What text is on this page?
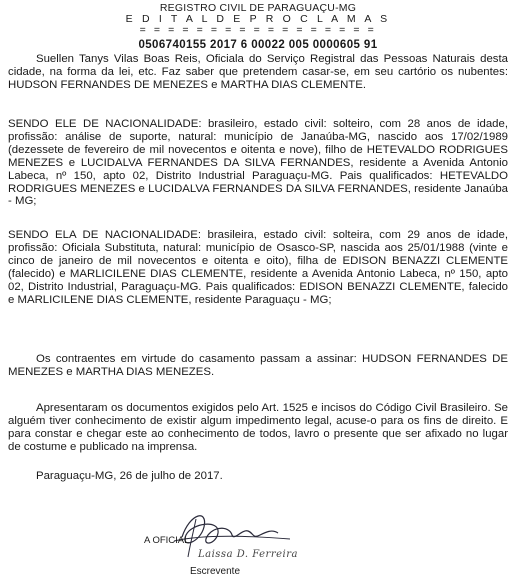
REGISTRO CIVIL DE PARAGUAÇU-MG
E D I T A L D E P R O C L A M A S
= = = = = = = = = = = = = = = = =
0506740155 2017 6 00022 005 0000605 91
Suellen Tanys Vilas Boas Reis, Oficiala do Serviço Registral das Pessoas Naturais desta cidade, na forma da lei, etc. Faz saber que pretendem casar-se, em seu cartório os nubentes: HUDSON FERNANDES DE MENEZES e MARTHA DIAS CLEMENTE.
SENDO ELE DE NACIONALIDADE: brasileiro, estado civil: solteiro, com 28 anos de idade, profissão: análise de suporte, natural: município de Janaúba-MG, nascido aos 17/02/1989 (dezessete de fevereiro de mil novecentos e oitenta e nove), filho de HETEVALDO RODRIGUES MENEZES e LUCIDALVA FERNANDES DA SILVA FERNANDES, residente a Avenida Antonio Labeca, nº 150, apto 02, Distrito Industrial Paraguaçu-MG. Pais qualificados: HETEVALDO RODRIGUES MENEZES e LUCIDALVA FERNANDES DA SILVA FERNANDES, residente Janaúba - MG;
SENDO ELA DE NACIONALIDADE: brasileira, estado civil: solteira, com 29 anos de idade, profissão: Oficiala Substituta, natural: município de Osasco-SP, nascida aos 25/01/1988 (vinte e cinco de janeiro de mil novecentos e oitenta e oito), filha de EDISON BENAZZI CLEMENTE (falecido) e MARLICILENE DIAS CLEMENTE, residente a Avenida Antonio Labeca, nº 150, apto 02, Distrito Industrial, Paraguaçu-MG. Pais qualificados: EDISON BENAZZI CLEMENTE, falecido e MARLICILENE DIAS CLEMENTE, residente Paraguaçu - MG;
Os contraentes em virtude do casamento passam a assinar: HUDSON FERNANDES DE MENEZES e MARTHA DIAS MENEZES.
Apresentaram os documentos exigidos pelo Art. 1525 e incisos do Código Civil Brasileiro. Se alguém tiver conhecimento de existir algum impedimento legal, acuse-o para os fins de direito. E para constar e chegar este ao conhecimento de todos, lavro o presente que ser afixado no lugar de costume e publicado na imprensa.
Paraguaçu-MG, 26 de julho de 2017.
A OFICIAL
Laissa D. Ferreira
Escrevente
